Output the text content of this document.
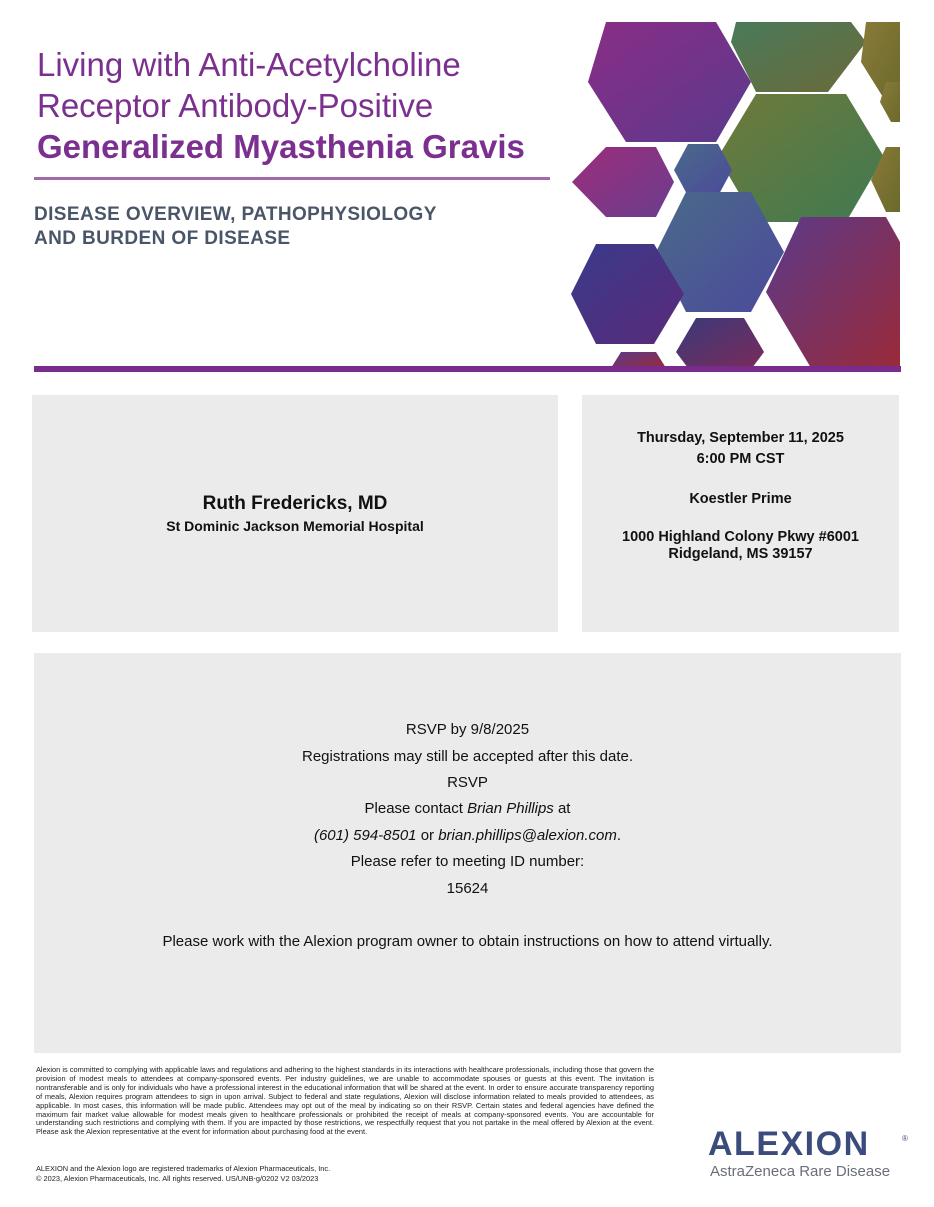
Living with Anti-Acetylcholine
Receptor Antibody-Positive
Generalized Myasthenia Gravis
DISEASE OVERVIEW, PATHOPHYSIOLOGY
AND BURDEN OF DISEASE
Ruth Fredericks, MD
St Dominic Jackson Memorial Hospital
Thursday, September 11, 2025
6:00 PM CST
Koestler Prime
1000 Highland Colony Pkwy #6001
Ridgeland, MS 39157
RSVP by 9/8/2025
Registrations may still be accepted after this date.
RSVP
Please contact Brian Phillips at
(601) 594-8501 or brian.phillips@alexion.com.
Please refer to meeting ID number:
15624
Please work with the Alexion program owner to obtain instructions on how to attend virtually.
Alexion is committed to complying with applicable laws and regulations and adhering to the highest standards in its interactions with healthcare professionals, including those that govern the provision of modest meals to attendees at company-sponsored events. Per industry guidelines, we are unable to accommodate spouses or guests at this event. The invitation is nontransferable and is only for individuals who have a professional interest in the educational information that will be shared at the event. In order to ensure accurate transparency reporting of meals, Alexion requires program attendees to sign in upon arrival. Subject to federal and state regulations, Alexion will disclose information related to meals provided to attendees, as applicable. In most cases, this information will be made public. Attendees may opt out of the meal by indicating so on their RSVP. Certain states and federal agencies have defined the maximum fair market value allowable for modest meals given to healthcare professionals or prohibited the receipt of meals at company-sponsored events. You are accountable for understanding such restrictions and complying with them. If you are impacted by those restrictions, we respectfully request that you not partake in the meal offered by Alexion at the event. Please ask the Alexion representative at the event for information about purchasing food at the event.
ALEXION and the Alexion logo are registered trademarks of Alexion Pharmaceuticals, Inc.
© 2023, Alexion Pharmaceuticals, Inc. All rights reserved. US/UNB-g/0202 V2 03/2023
ALEXION	®
AstraZeneca Rare Disease
